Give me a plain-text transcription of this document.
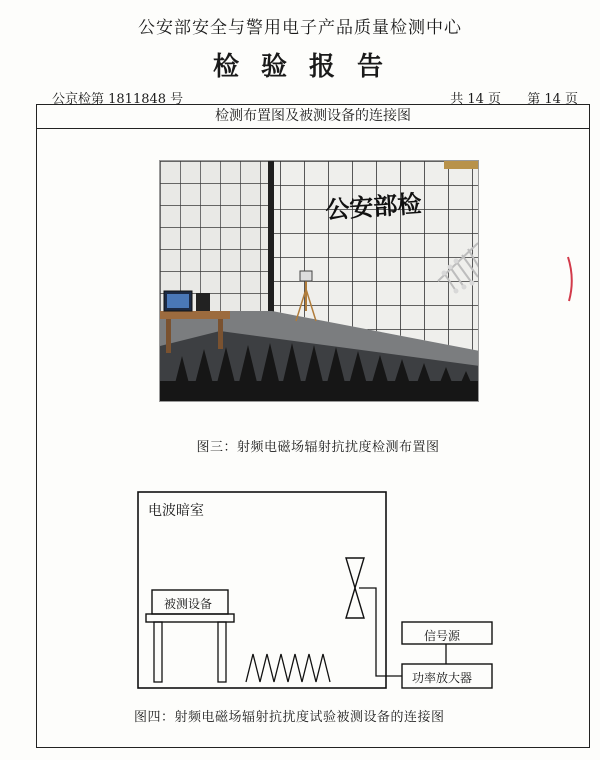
公安部安全与警用电子产品质量检测中心
检验报告
公京检第 1811848 号	共 14 页 第 14 页
检测布置图及被测设备的连接图
公安部检
图三：射频电磁场辐射抗扰度检测布置图
电波暗室
被测设备
信号源
功率放大器
图四：射频电磁场辐射抗扰度试验被测设备的连接图
